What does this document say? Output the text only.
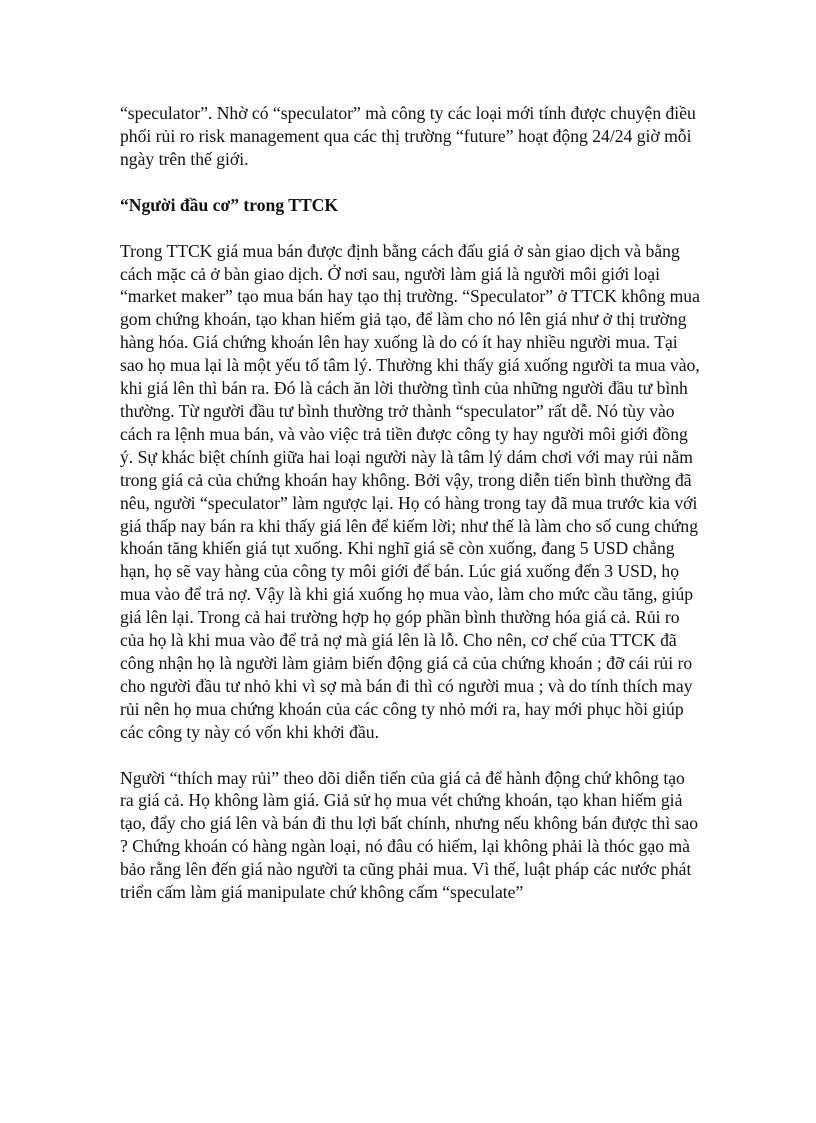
“speculator”. Nhờ có “speculator” mà công ty các loại mới tính được chuyện điều phối rủi ro risk management qua các thị trường “future” hoạt động 24/24 giờ mỗi ngày trên thế giới.

“Người đầu cơ” trong TTCK

Trong TTCK giá mua bán được định bằng cách đấu giá ở sàn giao dịch và bằng cách mặc cả ở bàn giao dịch. Ở nơi sau, người làm giá là người môi giới loại “market maker” tạo mua bán hay tạo thị trường. “Speculator” ở TTCK không mua gom chứng khoán, tạo khan hiếm giả tạo, để làm cho nó lên giá như ở thị trường hàng hóa. Giá chứng khoán lên hay xuống là do có ít hay nhiều người mua. Tại sao họ mua lại là một yếu tố tâm lý. Thường khi thấy giá xuống người ta mua vào, khi giá lên thì bán ra. Đó là cách ăn lời thường tình của những người đầu tư bình thường. Từ người đầu tư bình thường trở thành “speculator” rất dễ. Nó tùy vào cách ra lệnh mua bán, và vào việc trả tiền được công ty hay người môi giới đồng ý. Sự khác biệt chính giữa hai loại người này là tâm lý dám chơi với may rủi nằm trong giá cả của chứng khoán hay không. Bởi vậy, trong diễn tiến bình thường đã nêu, người “speculator” làm ngược lại. Họ có hàng trong tay đã mua trước kia với giá thấp nay bán ra khi thấy giá lên để kiếm lời; như thế là làm cho số cung chứng khoán tăng khiến giá tụt xuống. Khi nghĩ giá sẽ còn xuống, đang 5 USD chẳng hạn, họ sẽ vay hàng của công ty môi giới để bán. Lúc giá xuống đến 3 USD, họ mua vào để trả nợ. Vậy là khi giá xuống họ mua vào, làm cho mức cầu tăng, giúp giá lên lại. Trong cả hai trường hợp họ góp phần bình thường hóa giá cả. Rủi ro của họ là khi mua vào để trả nợ mà giá lên là lỗ. Cho nên, cơ chế của TTCK đã công nhận họ là người làm giảm biến động giá cả của chứng khoán ; đỡ cái rủi ro cho người đầu tư nhỏ khi vì sợ mà bán đi thì có người mua ; và do tính thích may rủi nên họ mua chứng khoán của các công ty nhỏ mới ra, hay mới phục hồi giúp các công ty này có vốn khi khởi đầu.

Người “thích may rủi” theo dõi diễn tiến của giá cả để hành động chứ không tạo ra giá cả. Họ không làm giá. Giả sử họ mua vét chứng khoán, tạo khan hiếm giả tạo, đẩy cho giá lên và bán đi thu lợi bất chính, nhưng nếu không bán được thì sao ? Chứng khoán có hàng ngàn loại, nó đâu có hiếm, lại không phải là thóc gạo mà bảo rằng lên đến giá nào người ta cũng phải mua. Vì thế, luật pháp các nước phát triển cấm làm giá manipulate chứ không cấm “speculate”
